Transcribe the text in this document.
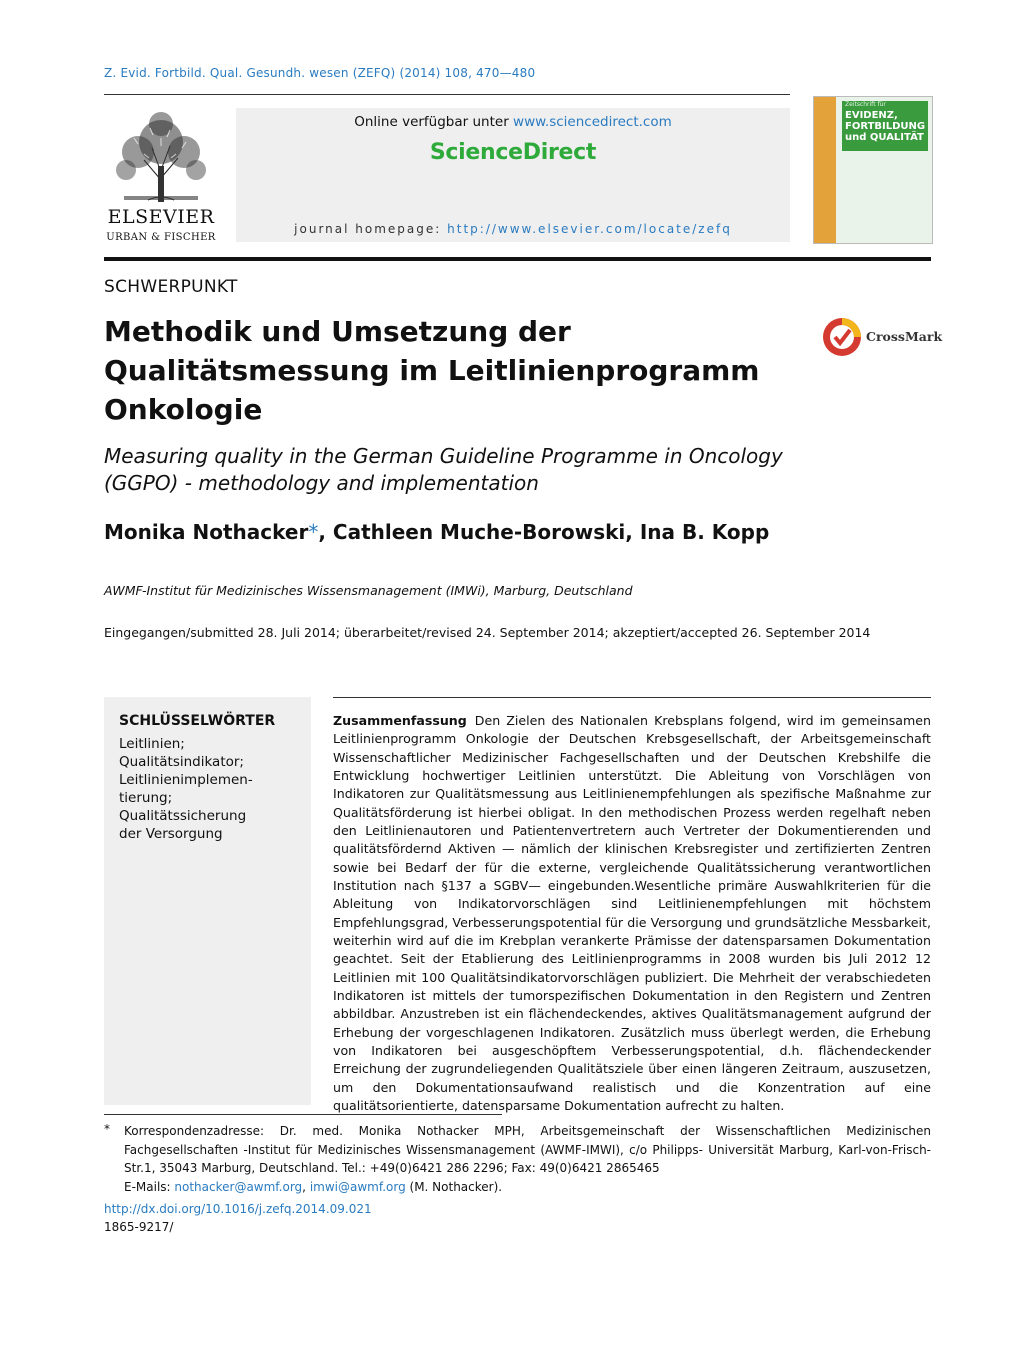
Z. Evid. Fortbild. Qual. Gesundh. wesen (ZEFQ) (2014) 108, 470—480
ELSEVIER
URBAN & FISCHER
Online verfügbar unter www.sciencedirect.com
ScienceDirect
journal homepage: http://www.elsevier.com/locate/zefq
Zeitschrift für
EVIDENZ, FORTBILDUNG und QUALITÄT
SCHWERPUNKT
Methodik und Umsetzung der Qualitätsmessung im Leitlinienprogramm Onkologie
CrossMark
Measuring quality in the German Guideline Programme in Oncology (GGPO) - methodology and implementation
Monika Nothacker*, Cathleen Muche-Borowski, Ina B. Kopp
AWMF-Institut für Medizinisches Wissensmanagement (IMWi), Marburg, Deutschland
Eingegangen/submitted 28. Juli 2014; überarbeitet/revised 24. September 2014; akzeptiert/accepted 26. September 2014
SCHLÜSSELWÖRTER
Leitlinien;
Qualitätsindikator;
Leitlinienimplemen-
tierung;
Qualitätssicherung
der Versorgung
Zusammenfassung Den Zielen des Nationalen Krebsplans folgend, wird im gemeinsamen Leitlinienprogramm Onkologie der Deutschen Krebsgesellschaft, der Arbeitsgemeinschaft Wissenschaftlicher Medizinischer Fachgesellschaften und der Deutschen Krebshilfe die Entwicklung hochwertiger Leitlinien unterstützt. Die Ableitung von Vorschlägen von Indikatoren zur Qualitätsmessung aus Leitlinienempfehlungen als spezifische Maßnahme zur Qualitätsförderung ist hierbei obligat. In den methodischen Prozess werden regelhaft neben den Leitlinienautoren und Patientenvertretern auch Vertreter der Dokumentierenden und qualitätsfördernd Aktiven — nämlich der klinischen Krebsregister und zertifizierten Zentren sowie bei Bedarf der für die externe, vergleichende Qualitätssicherung verantwortlichen Institution nach §137 a SGBV— eingebunden.Wesentliche primäre Auswahlkriterien für die Ableitung von Indikatorvorschlägen sind Leitlinienempfehlungen mit höchstem Empfehlungsgrad, Verbesserungspotential für die Versorgung und grundsätzliche Messbarkeit, weiterhin wird auf die im Krebplan verankerte Prämisse der datensparsamen Dokumentation geachtet. Seit der Etablierung des Leitlinienprogramms in 2008 wurden bis Juli 2012 12 Leitlinien mit 100 Qualitätsindikatorvorschlägen publiziert. Die Mehrheit der verabschiedeten Indikatoren ist mittels der tumorspezifischen Dokumentation in den Registern und Zentren abbildbar. Anzustreben ist ein flächendeckendes, aktives Qualitätsmanagement aufgrund der Erhebung der vorgeschlagenen Indikatoren. Zusätzlich muss überlegt werden, die Erhebung von Indikatoren bei ausgeschöpftem Verbesserungspotential, d.h. flächendeckender Erreichung der zugrundeliegenden Qualitätsziele über einen längeren Zeitraum, auszusetzen, um den Dokumentationsaufwand realistisch und die Konzentration auf eine qualitätsorientierte, datensparsame Dokumentation aufrecht zu halten.
* Korrespondenzadresse: Dr. med. Monika Nothacker MPH, Arbeitsgemeinschaft der Wissenschaftlichen Medizinischen Fachgesellschaften -Institut für Medizinisches Wissensmanagement (AWMF-IMWI), c/o Philipps- Universität Marburg, Karl-von-Frisch-Str.1, 35043 Marburg, Deutschland. Tel.: +49(0)6421 286 2296; Fax: 49(0)6421 2865465
E-Mails: nothacker@awmf.org, imwi@awmf.org (M. Nothacker).
http://dx.doi.org/10.1016/j.zefq.2014.09.021
1865-9217/
